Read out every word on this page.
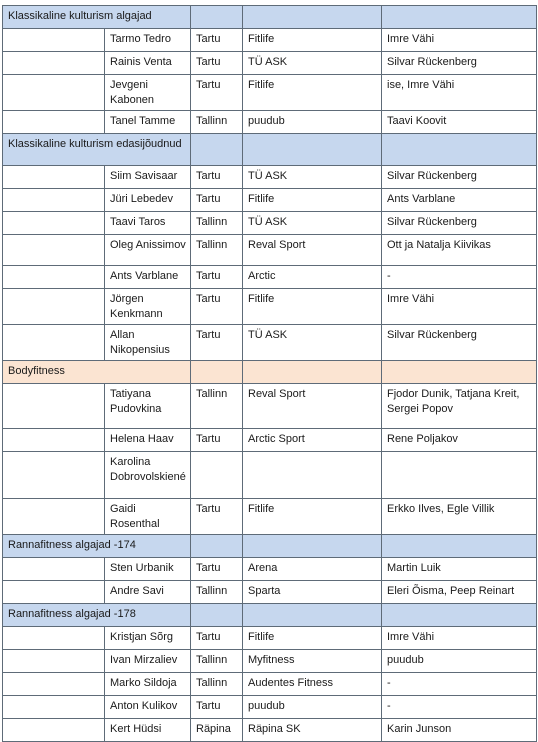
Klassikaline kulturism algajad				
	Tarmo Tedro	Tartu	Fitlife	Imre Vähi
	Rainis Venta	Tartu	TÜ ASK	Silvar Rückenberg
	Jevgeni Kabonen	Tartu	Fitlife	ise, Imre Vähi
	Tanel Tamme	Tallinn	puudub	Taavi Koovit
Klassikaline kulturism edasijõudnud				
	Siim Savisaar	Tartu	TÜ ASK	Silvar Rückenberg
	Jüri Lebedev	Tartu	Fitlife	Ants Varblane
	Taavi Taros	Tallinn	TÜ ASK	Silvar Rückenberg
	Oleg Anissimov	Tallinn	Reval Sport	Ott ja Natalja Kiivikas
	Ants Varblane	Tartu	Arctic	-
	Jörgen Kenkmann	Tartu	Fitlife	Imre Vähi
	Allan Nikopensius	Tartu	TÜ ASK	Silvar Rückenberg
Bodyfitness				
	Tatiyana Pudovkina	Tallinn	Reval Sport	Fjodor Dunik, Tatjana Kreit, Sergei Popov
	Helena Haav	Tartu	Arctic Sport	Rene Poljakov
	Karolina Dobrovolskiené			
	Gaidi Rosenthal	Tartu	Fitlife	Erkko Ilves, Egle Villik
Rannafitness algajad -174				
	Sten Urbanik	Tartu	Arena	Martin Luik
	Andre Savi	Tallinn	Sparta	Eleri Õisma, Peep Reinart
Rannafitness algajad -178				
	Kristjan Sõrg	Tartu	Fitlife	Imre Vähi
	Ivan Mirzaliev	Tallinn	Myfitness	puudub
	Marko Sildoja	Tallinn	Audentes Fitness	-
	Anton Kulikov	Tartu	puudub	-
	Kert Hüdsi	Räpina	Räpina SK	Karin Junson
